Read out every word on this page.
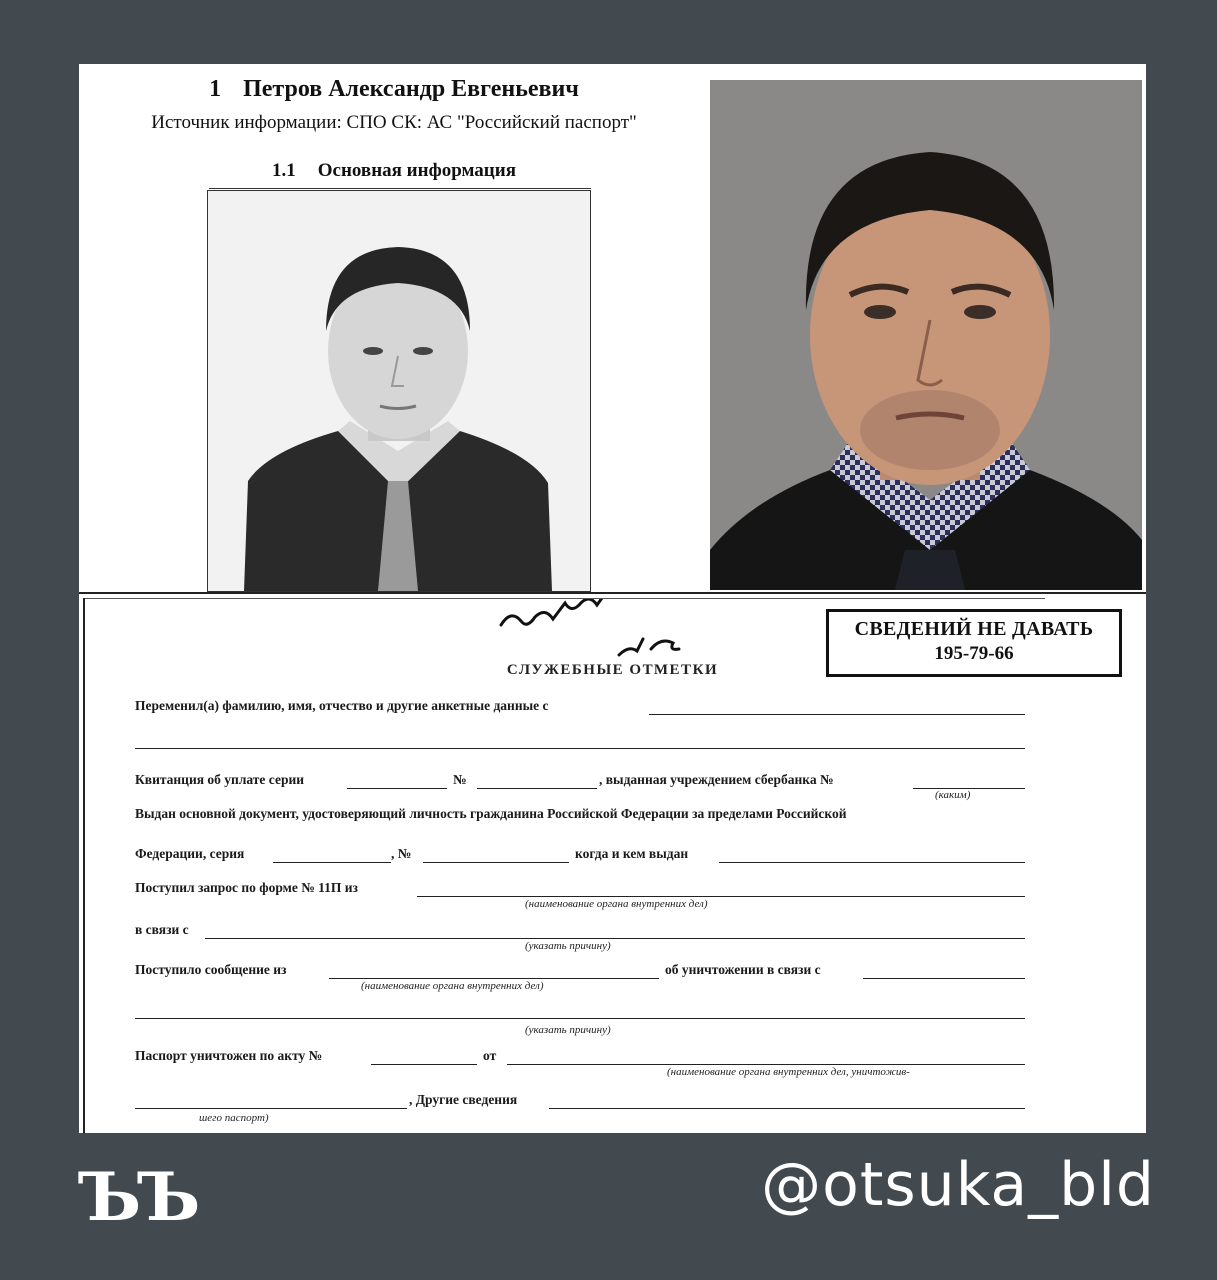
1 Петров Александр Евгеньевич
Источник информации: СПО СК: АС "Российский паспорт"
1.1 Основная информация
СВЕДЕНИЙ НЕ ДАВАТЬ
195-79-66
СЛУЖЕБНЫЕ ОТМЕТКИ
Переменил(а) фамилию, имя, отчество и другие анкетные данные с
Квитанция об уплате серии	№	, выданная учреждением сбербанка №
(каким)
Выдан основной документ, удостоверяющий личность гражданина Российской Федерации за пределами Российской
Федерации, серия	, №	когда и кем выдан
Поступил запрос по форме № 11П из
(наименование органа внутренних дел)
в связи с
(указать причину)
Поступило сообщение из
(наименование органа внутренних дел)
об уничтожении в связи с
(указать причину)
Паспорт уничтожен по акту №	от
(наименование органа внутренних дел, уничтожив-
, Другие сведения
шего паспорт)
ЪЪ	@otsuka_bld
